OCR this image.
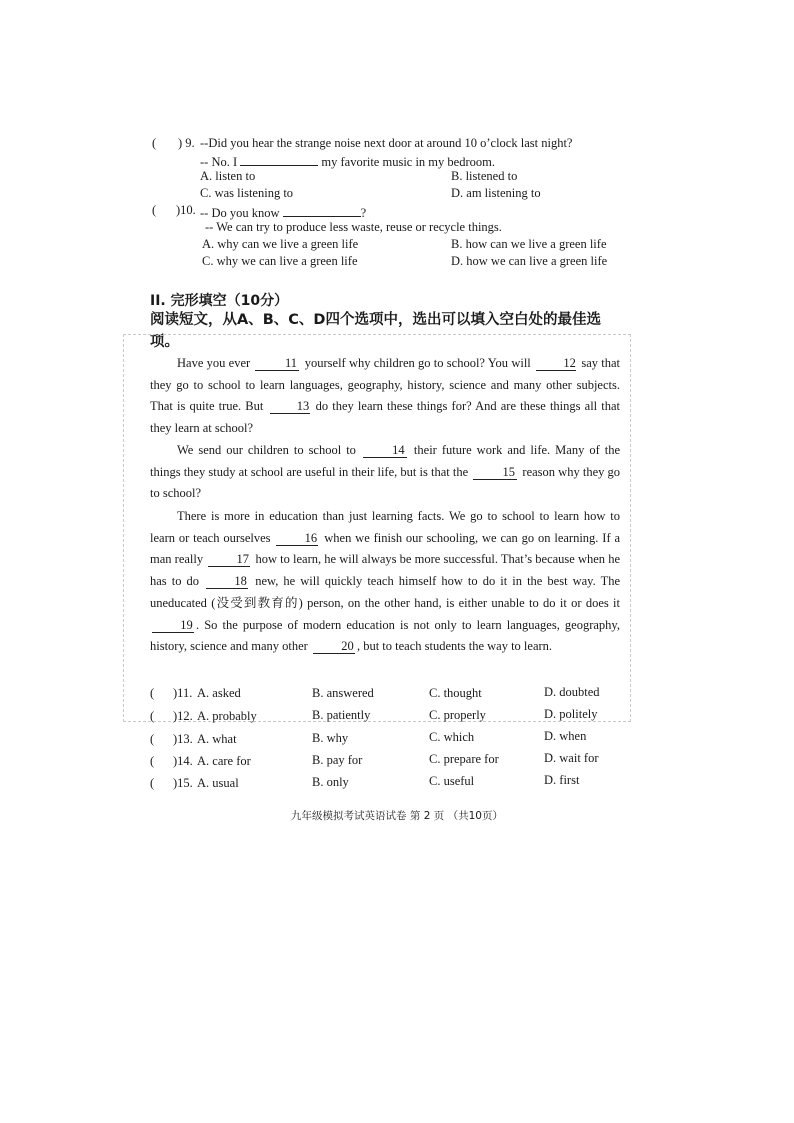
( ) 9. --Did you hear the strange noise next door at around 10 o’clock last night?
-- No. I	my favorite music in my bedroom.
A. listen to	B. listened to
C. was listening to	D. am listening to
( )10. -- Do you know	?
-- We can try to produce less waste, reuse or recycle things.
A. why can we live a green life	B. how can we live a green life
C. why we can live a green life	D. how we can live a green life
II. 完形填空（10分）
阅读短文，从A、B、C、D四个选项中，选出可以填入空白处的最佳选项。
Have you ever	11 yourself why children go to school? You will	12 say that they go to school to learn languages, geography, history, science and many other subjects. That is quite true. But	13 do they learn these things for? And are these things all that they learn at school?
We send our children to school to	14 their future work and life. Many of the things they study at school are useful in their life, but is that the	15 reason why they go to school?
There is more in education than just learning facts. We go to school to learn how to learn or teach ourselves	16 when we finish our schooling, we can go on learning. If a man really	17 how to learn, he will always be more successful. That’s because when he has to do	18 new, he will quickly teach himself how to do it in the best way. The uneducated (没受到教育的) person, on the other hand, is either unable to do it or does it 19 . So the purpose of modern education is not only to learn languages, geography, history, science and many other	20 , but to teach students the way to learn.
( )11. A. asked	B. answered	C. thought	D. doubted
( )12. A. probably	B. patiently	C. properly	D. politely
( )13. A. what	B. why	C. which	D. when
( )14. A. care for	B. pay for	C. prepare for	D. wait for
( )15. A. usual	B. only	C. useful	D. first
九年级模拟考试英语试卷 第 2 页 （共10页）
